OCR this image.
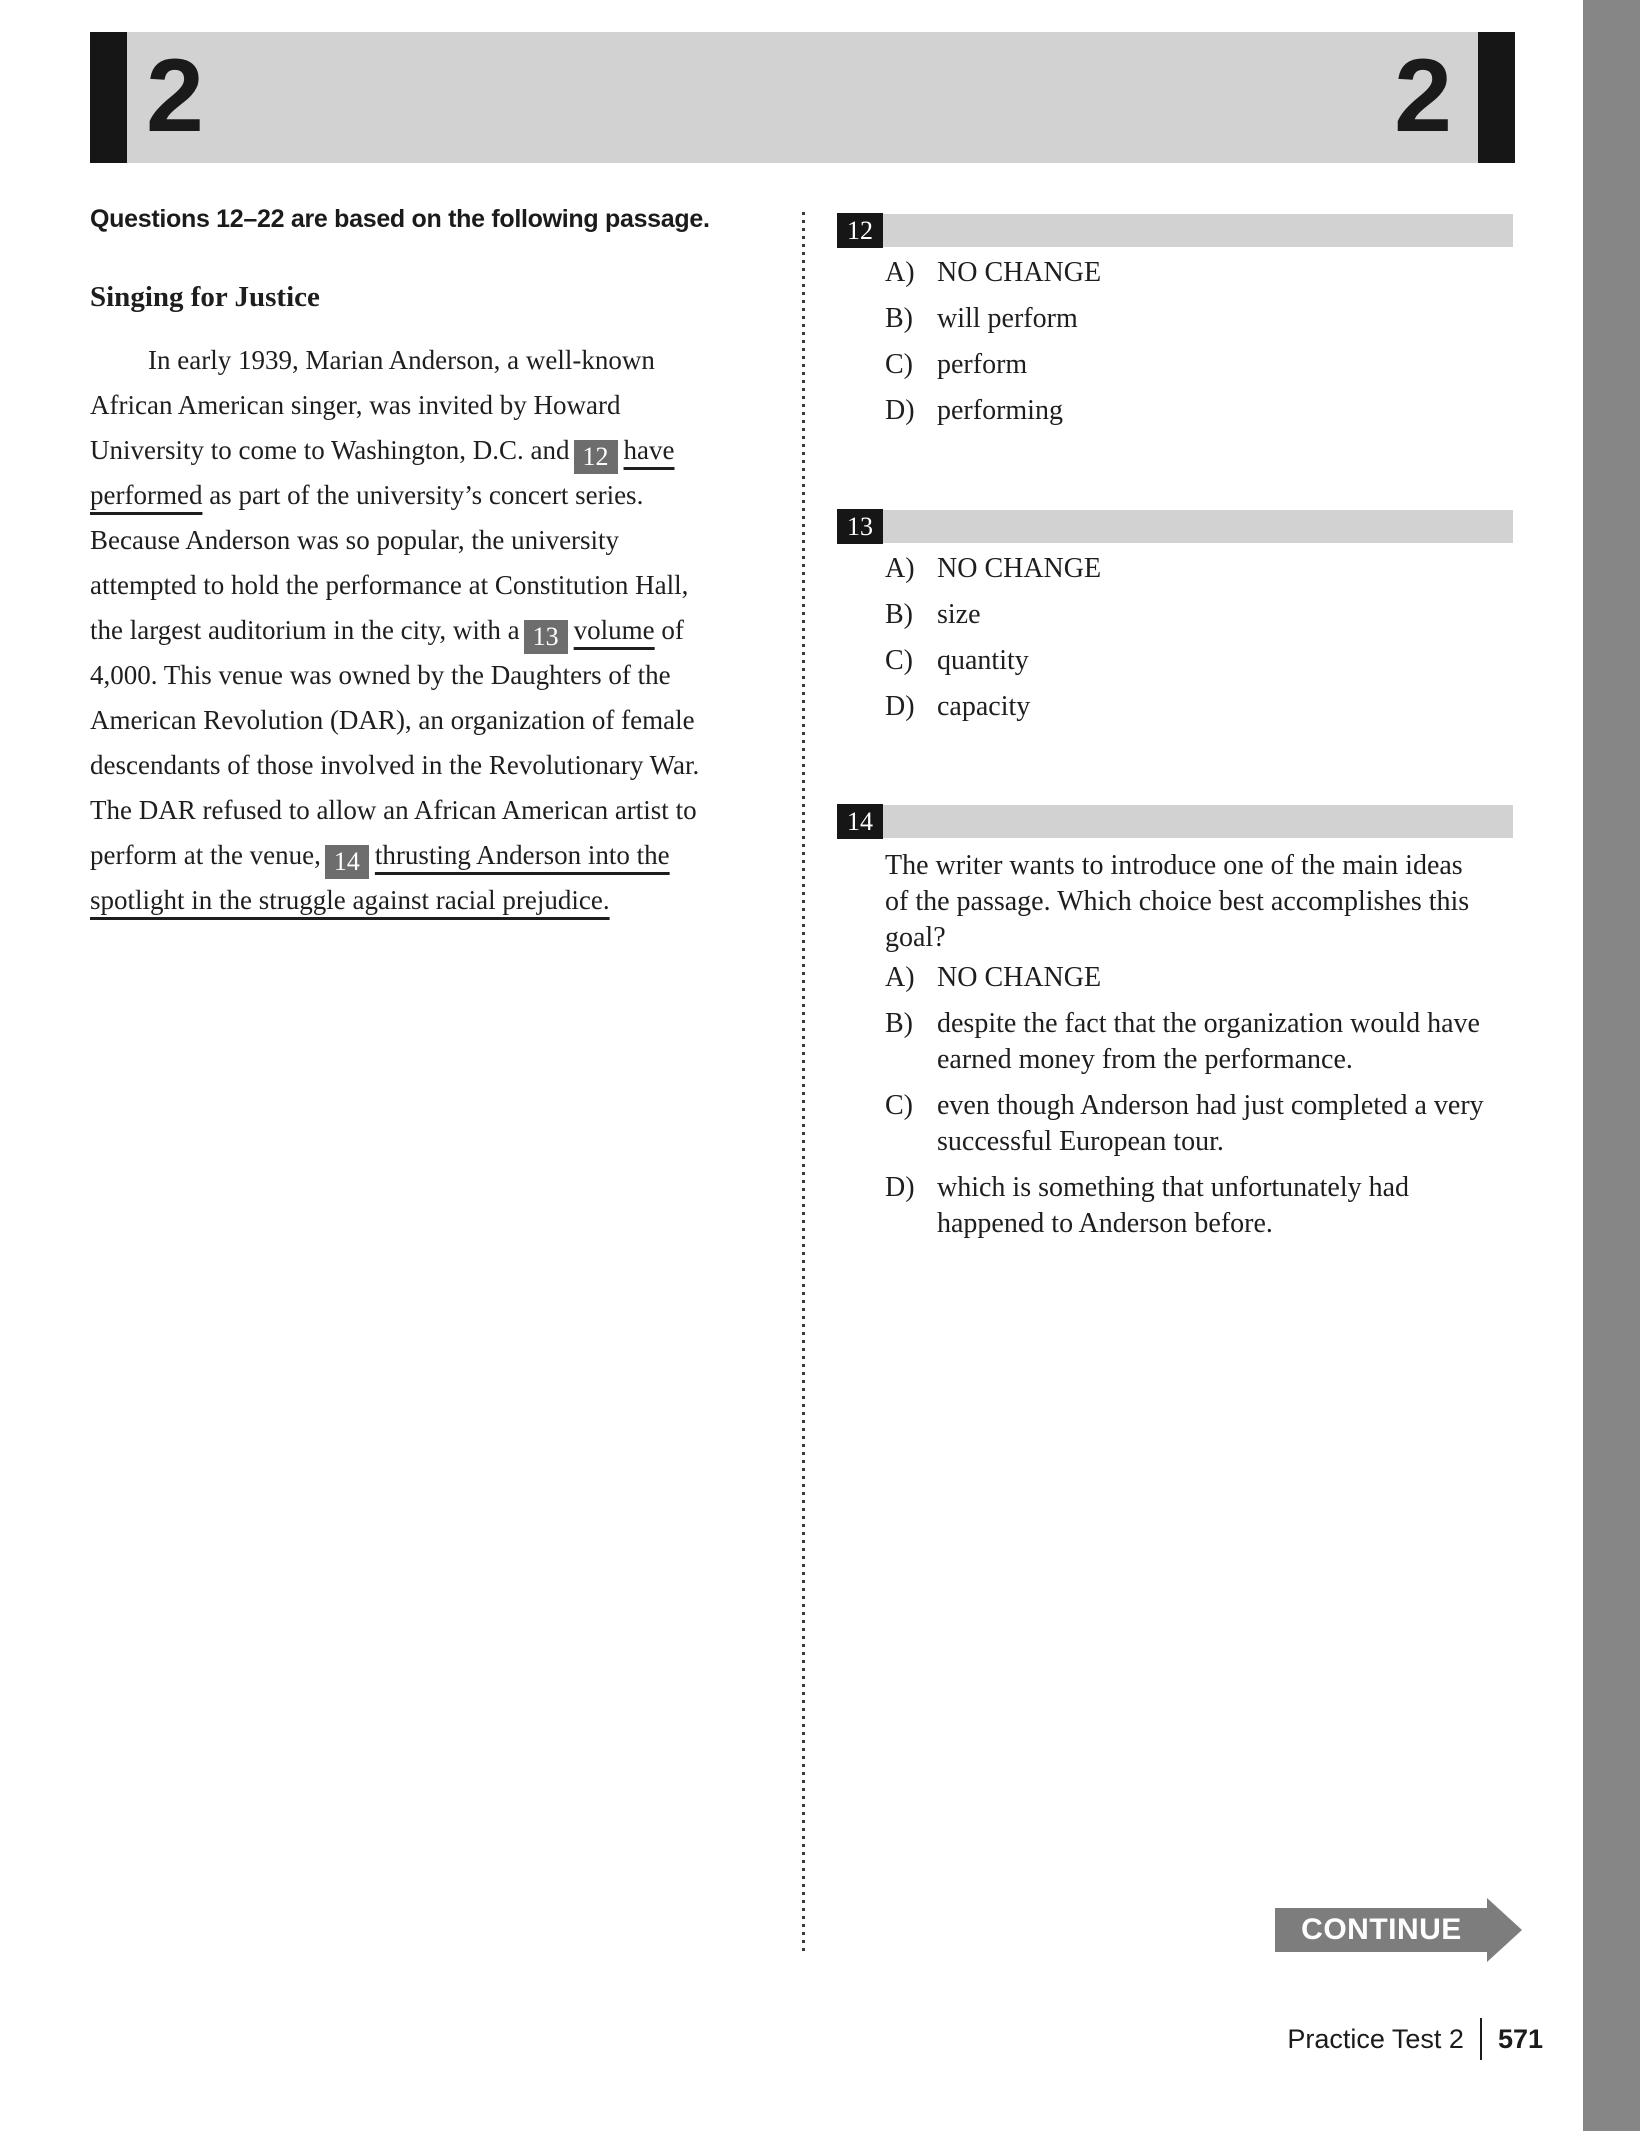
2	2
Questions 12–22 are based on the following passage.
Singing for Justice
In early 1939, Marian Anderson, a well-known
African American singer, was invited by Howard
University to come to Washington, D.C. and 12 have
performed as part of the university’s concert series.
Because Anderson was so popular, the university
attempted to hold the performance at Constitution Hall,
the largest auditorium in the city, with a 13 volume of
4,000. This venue was owned by the Daughters of the
American Revolution (DAR), an organization of female
descendants of those involved in the Revolutionary War.
The DAR refused to allow an African American artist to
perform at the venue, 14 thrusting Anderson into the
spotlight in the struggle against racial prejudice.
12
A) NO CHANGE
B) will perform
C) perform
D) performing
13
A) NO CHANGE
B) size
C) quantity
D) capacity
14
The writer wants to introduce one of the main ideas
of the passage. Which choice best accomplishes this
goal?
A) NO CHANGE
B) despite the fact that the organization would have
earned money from the performance.
C) even though Anderson had just completed a very
successful European tour.
D) which is something that unfortunately had
happened to Anderson before.
CONTINUE
Practice Test 2 571
